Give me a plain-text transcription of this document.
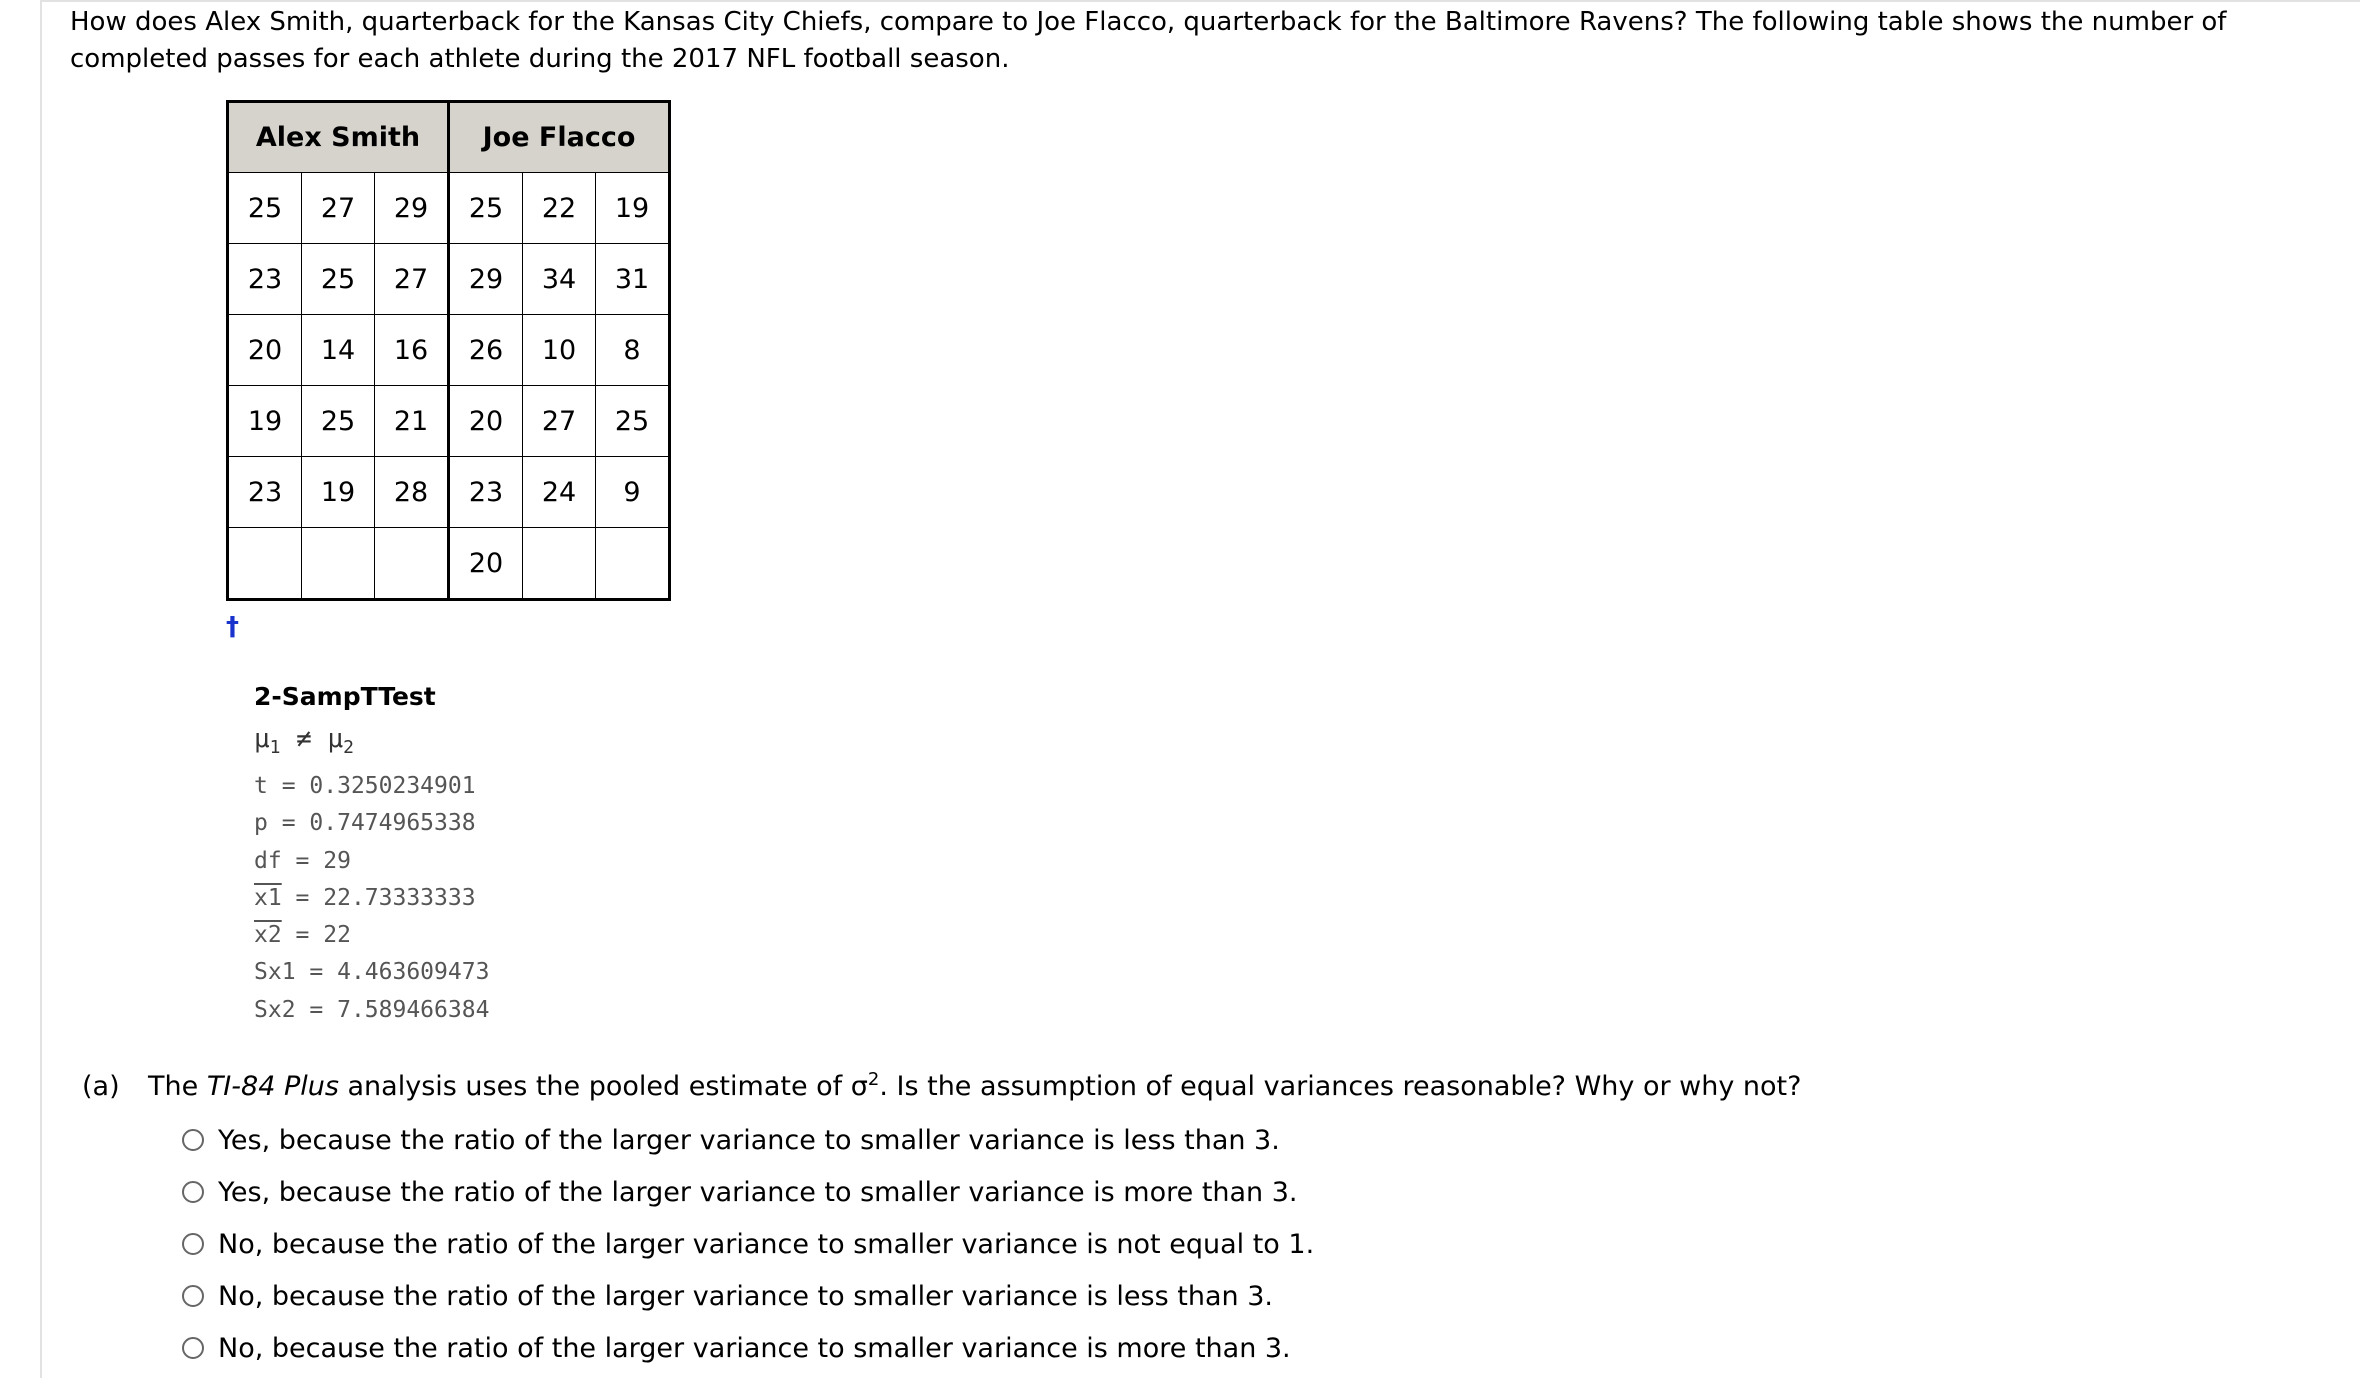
How does Alex Smith, quarterback for the Kansas City Chiefs, compare to Joe Flacco, quarterback for the Baltimore Ravens? The following table shows the number of completed passes for each athlete during the 2017 NFL football season.

Alex Smith			Joe Flacco		
25	27	29	25	22	19
23	25	27	29	34	31
20	14	16	26	10	8
19	25	21	20	27	25
23	19	28	23	24	9
			20		
†
2-SampTTest
$\mu_1 \ne \mu_2$
t = 0.3250234901
p = 0.7474965338
df = 29
x1 = 22.73333333
x2 = 22
Sx1 = 4.463609473
Sx2 = 7.589466384
(a) The TI-84 Plus analysis uses the pooled estimate of $\sigma^2$. Is the assumption of equal variances reasonable? Why or why not?
Yes, because the ratio of the larger variance to smaller variance is less than 3.
Yes, because the ratio of the larger variance to smaller variance is more than 3.
No, because the ratio of the larger variance to smaller variance is not equal to 1.
No, because the ratio of the larger variance to smaller variance is less than 3.
No, because the ratio of the larger variance to smaller variance is more than 3.
